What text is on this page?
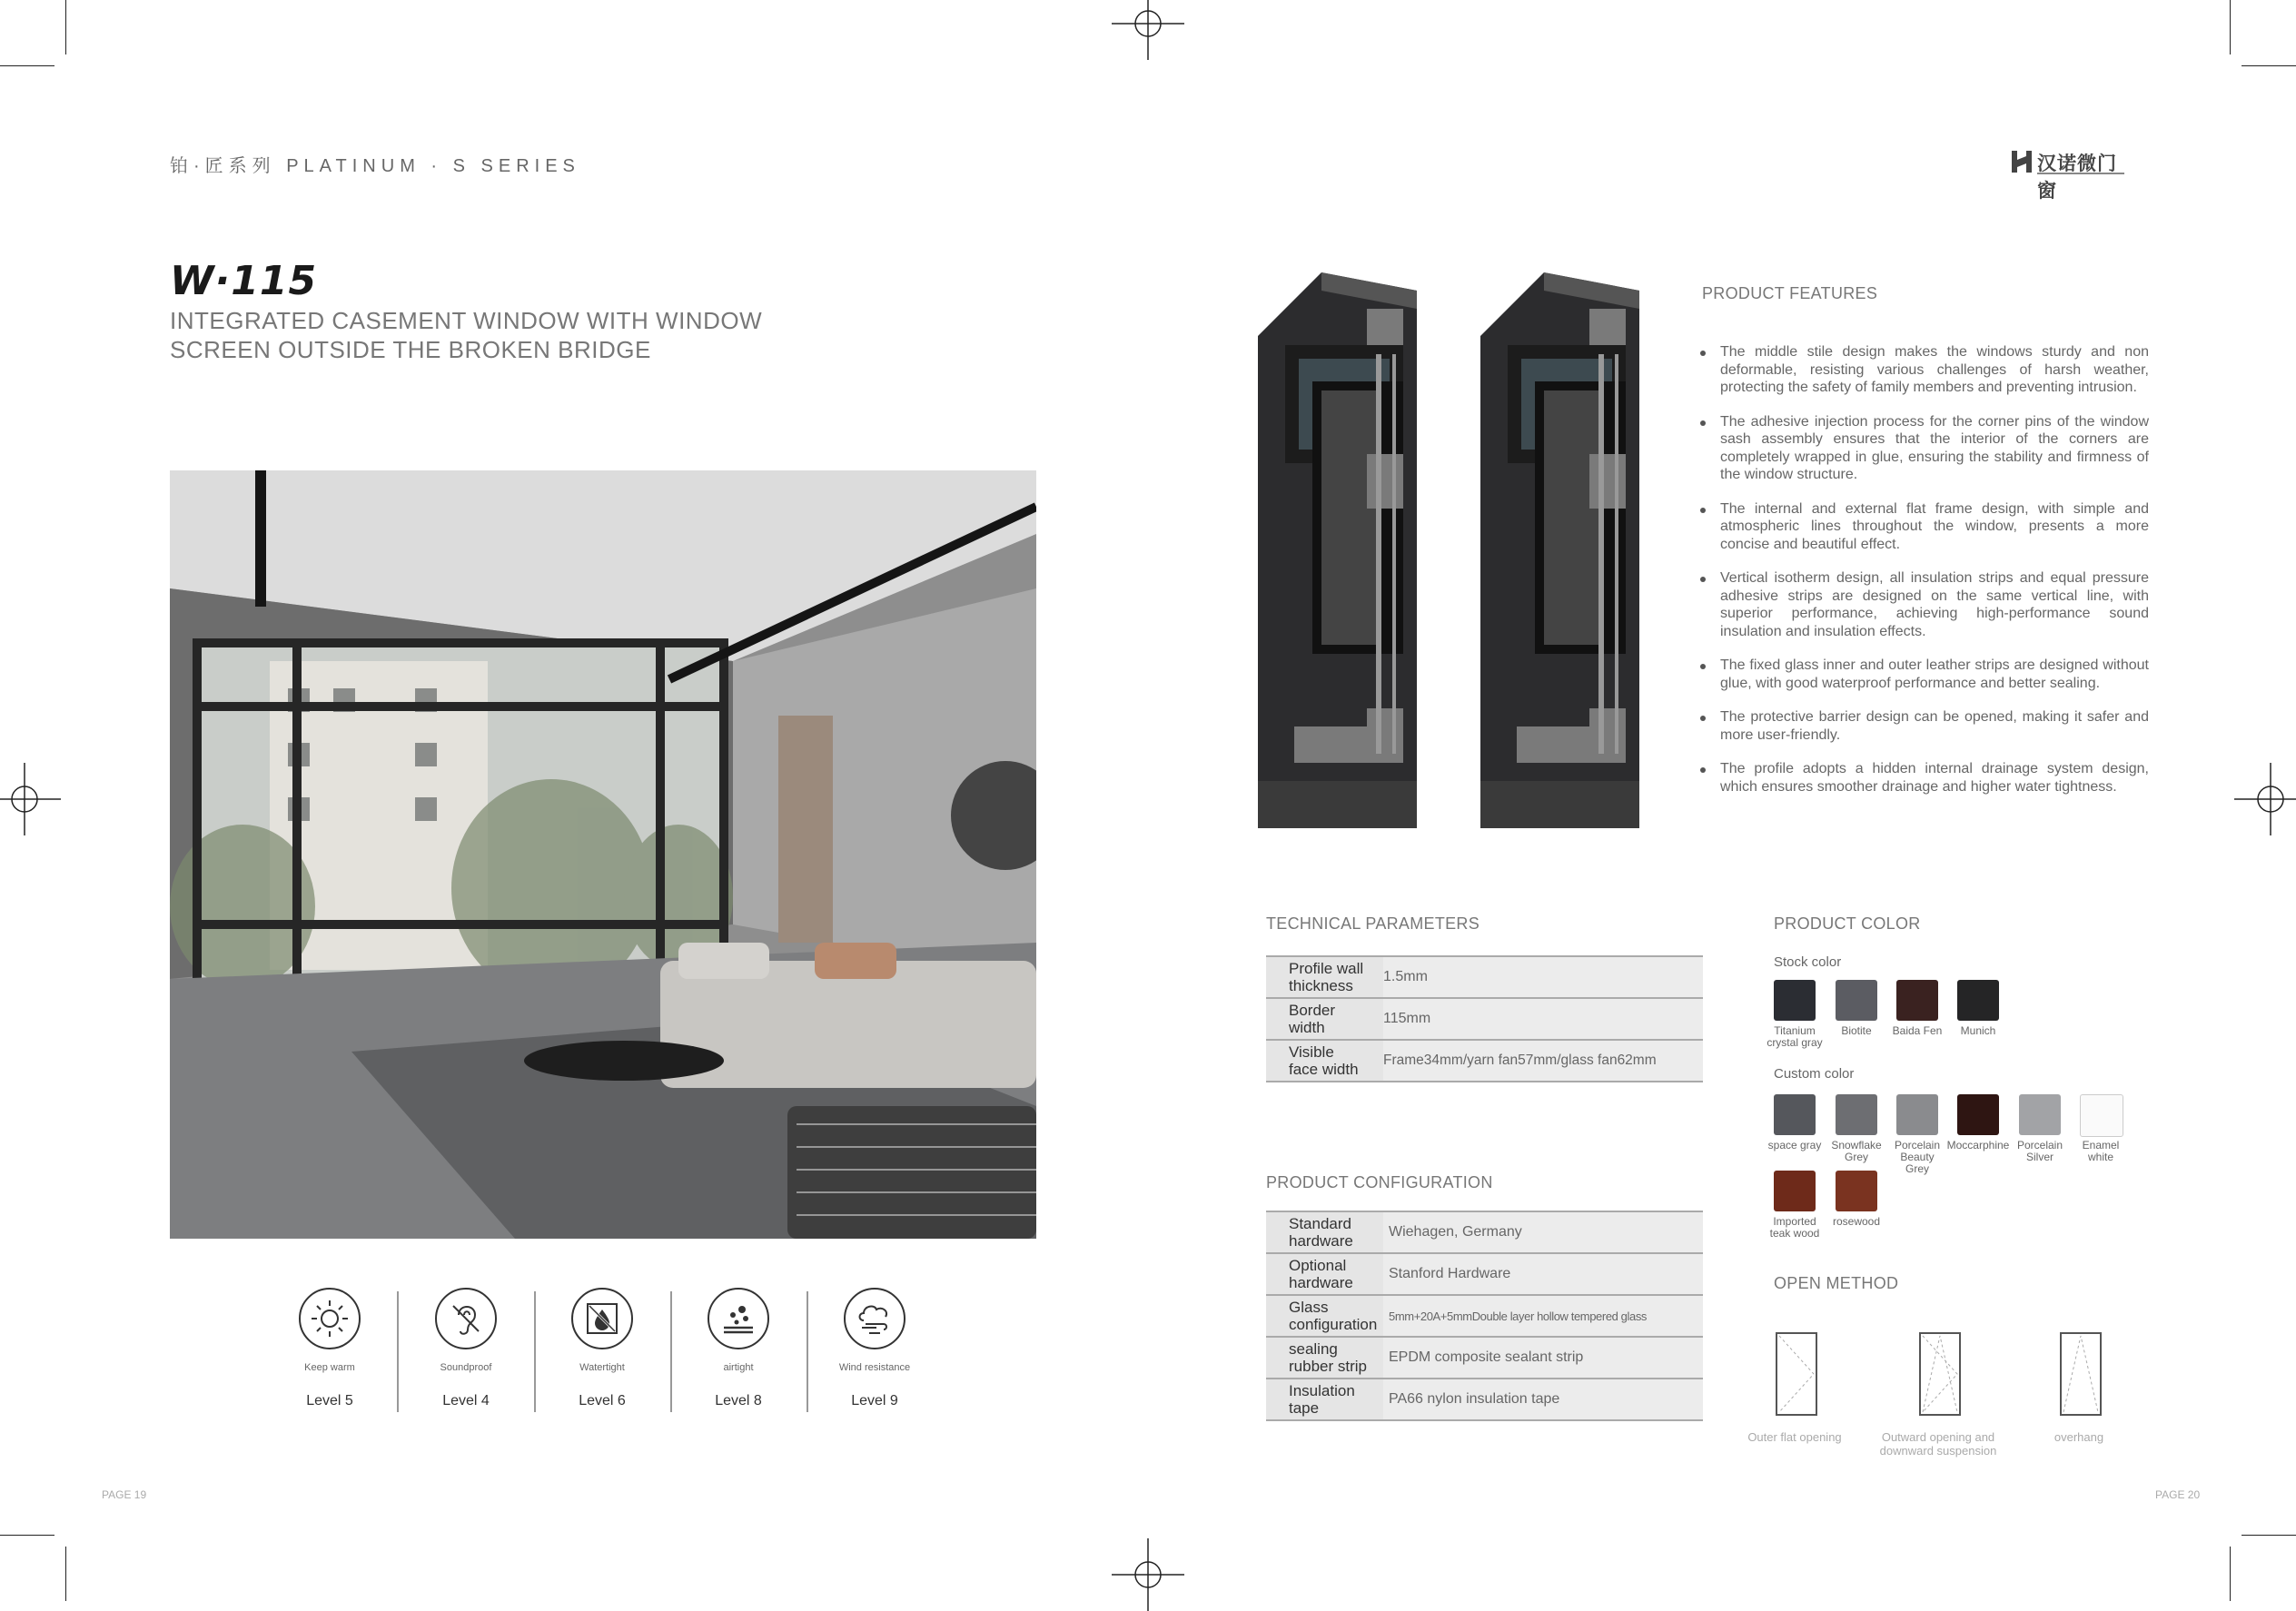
铂·匠系列 PLATINUM · S SERIES	汉诺微门窗
W·115
INTEGRATED CASEMENT WINDOW WITH WINDOW
SCREEN OUTSIDE THE BROKEN BRIDGE
Keep warm
Level 5
Soundproof
Level 4
Watertight
Level 6
airtight
Level 8
Wind resistance
Level 9
PAGE 19	PAGE 20
PRODUCT FEATURES
The middle stile design makes the windows sturdy and non deformable, resisting various challenges of harsh weather, protecting the safety of family members and preventing intrusion.
The adhesive injection process for the corner pins of the window sash assembly ensures that the interior of the corners are completely wrapped in glue, ensuring the stability and firmness of the window structure.
The internal and external flat frame design, with simple and atmospheric lines throughout the window, presents a more concise and beautiful effect.
Vertical isotherm design, all insulation strips and equal pressure adhesive strips are designed on the same vertical line, with superior performance, achieving high-performance sound insulation and insulation effects.
The fixed glass inner and outer leather strips are designed without glue, with good waterproof performance and better sealing.
The protective barrier design can be opened, making it safer and more user-friendly.
The profile adopts a hidden internal drainage system design, which ensures smoother drainage and higher water tightness.
TECHNICAL PARAMETERS
Profile wall
thickness	1.5mm

Border
width	115mm

Visible
face width	Frame34mm/yarn fan57mm/glass fan62mm
PRODUCT CONFIGURATION
Standard
hardware	Wiehagen, Germany

Optional
hardware	Stanford Hardware

Glass
configuration	5mm+20A+5mmDouble layer hollow tempered glass

sealing
rubber strip	EPDM composite sealant strip

Insulation
tape	PA66 nylon insulation tape
PRODUCT COLOR
Stock color
Titanium
crystal gray
Biotite	Baida Fen	Munich
Custom color
space gray Snowflake
Grey
Porcelain
Beauty
Grey
Moccarphine Porcelain
Silver
Enamel
white
Imported
teak wood
rosewood
OPEN METHOD
Outer flat opening	Outward opening and
downward suspension
overhang
